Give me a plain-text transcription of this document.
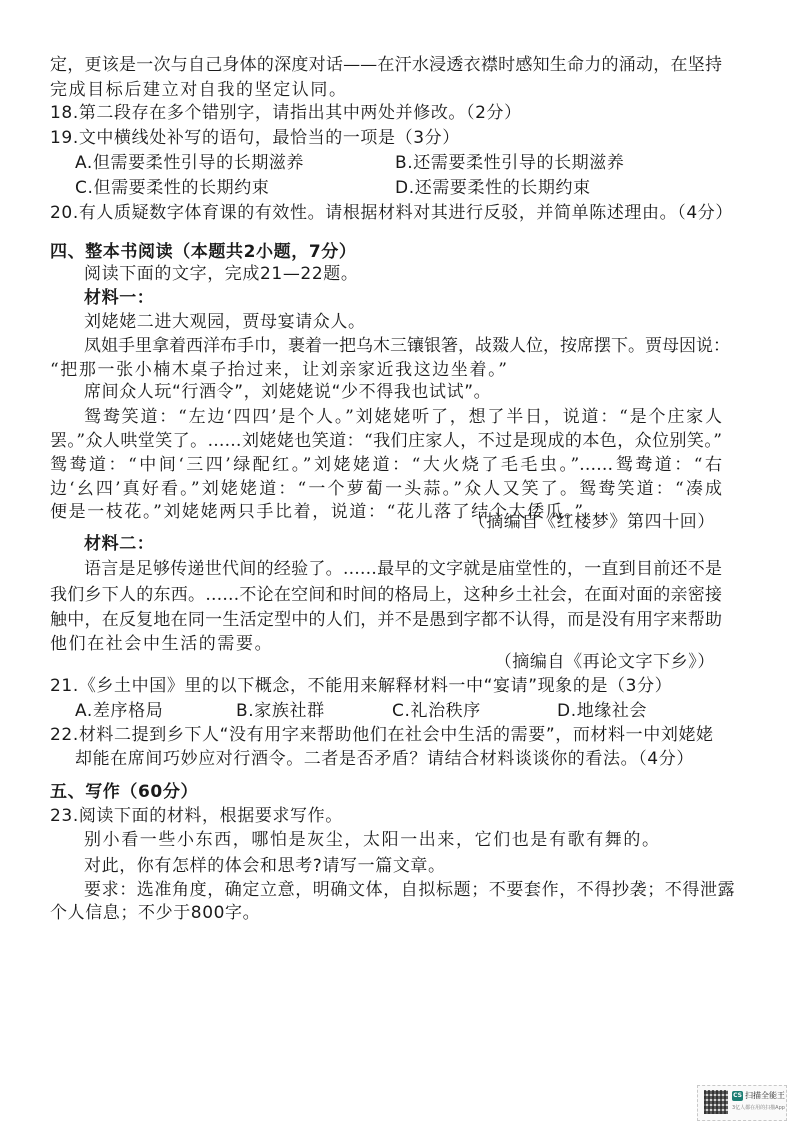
定，更该是一次与自己身体的深度对话——在汗水浸透衣襟时感知生命力的涌动，在坚持
完成目标后建立对自我的坚定认同。
18.第二段存在多个错别字，请指出其中两处并修改。（2分）
19.文中横线处补写的语句，最恰当的一项是（3分）
A.但需要柔性引导的长期滋养	B.还需要柔性引导的长期滋养
C.但需要柔性的长期约束	D.还需要柔性的长期约束
20.有人质疑数字体育课的有效性。请根据材料对其进行反驳，并简单陈述理由。（4分）
四、整本书阅读（本题共2小题，7分）
阅读下面的文字，完成21—22题。
材料一：
刘姥姥二进大观园，贾母宴请众人。
凤姐手里拿着西洋布手巾，裹着一把乌木三镶银箸，敁敠人位，按席摆下。贾母因说：
“把那一张小楠木桌子抬过来，让刘亲家近我这边坐着。”
席间众人玩“行酒令”，刘姥姥说“少不得我也试试”。
鸳鸯笑道：“左边‘四四’是个人。”刘姥姥听了，想了半日，说道：“是个庄家人
罢。”众人哄堂笑了。……刘姥姥也笑道：“我们庄家人，不过是现成的本色，众位别笑。”
鸳鸯道：“中间‘三四’绿配红。”刘姥姥道：“大火烧了毛毛虫。”……鸳鸯道：“右
边‘幺四’真好看。”刘姥姥道：“一个萝蔔一头蒜。”众人又笑了。鸳鸯笑道：“凑成
便是一枝花。”刘姥姥两只手比着，说道：“花儿落了结个大倭瓜。”
（摘编自《红楼梦》第四十回）
材料二：
语言是足够传递世代间的经验了。……最早的文字就是庙堂性的，一直到目前还不是
我们乡下人的东西。……不论在空间和时间的格局上，这种乡土社会，在面对面的亲密接
触中，在反复地在同一生活定型中的人们，并不是愚到字都不认得，而是没有用字来帮助
他们在社会中生活的需要。
（摘编自《再论文字下乡》）
21.《乡土中国》里的以下概念，不能用来解释材料一中“宴请”现象的是（3分）
A.差序格局	B.家族社群	C.礼治秩序	D.地缘社会
22.材料二提到乡下人“没有用字来帮助他们在社会中生活的需要”，而材料一中刘姥姥
却能在席间巧妙应对行酒令。二者是否矛盾？请结合材料谈谈你的看法。（4分）
五、写作（60分）
23.阅读下面的材料，根据要求写作。
别小看一些小东西，哪怕是灰尘，太阳一出来，它们也是有歌有舞的。
对此，你有怎样的体会和思考?请写一篇文章。
要求：选准角度，确定立意，明确文体，自拟标题；不要套作，不得抄袭；不得泄露
个人信息；不少于800字。
CS 扫描全能王
3亿人都在用的扫描App
